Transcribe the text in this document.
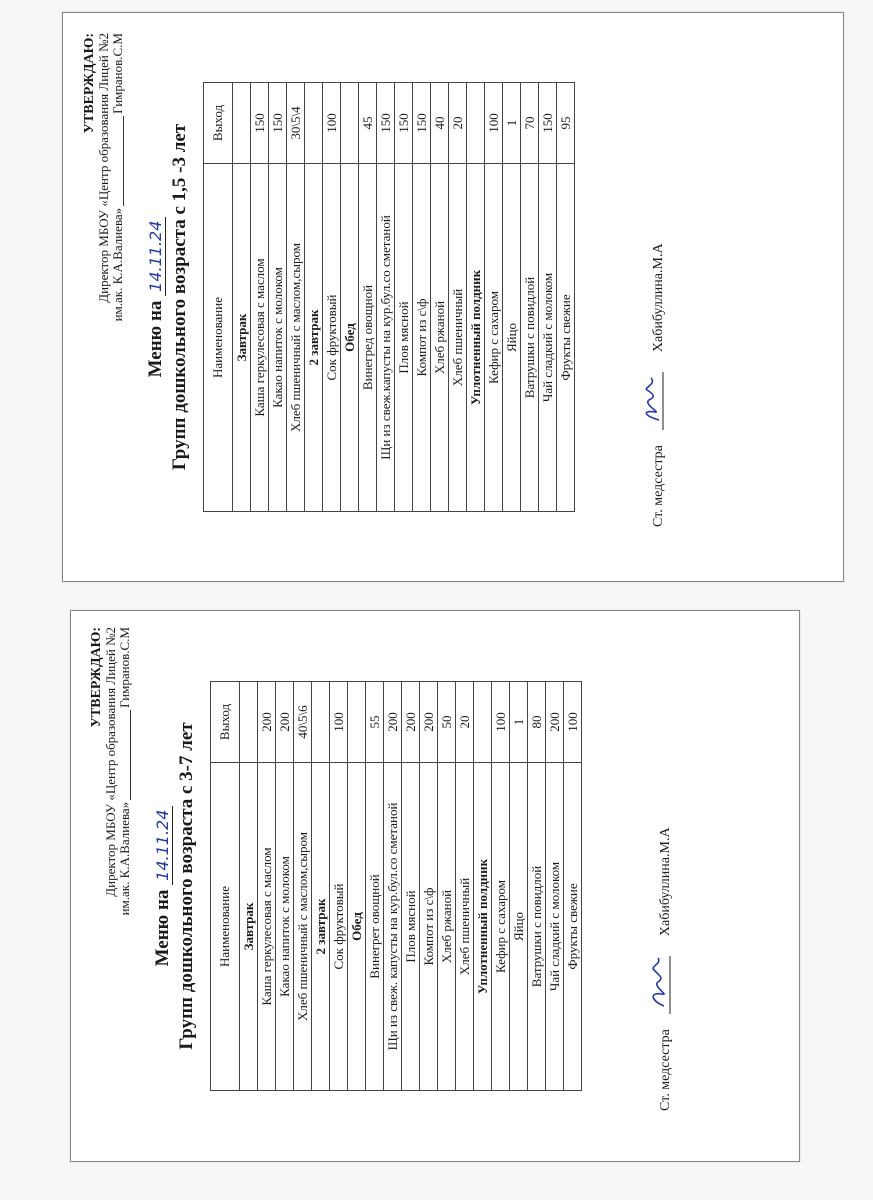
УТВЕРЖДАЮ: Директор МБОУ «Центр образования Лицей №2 им.ак. К.А.Валиева»Гимранов.С.М
Меню на 14.11.24 Групп дошкольного возраста с 1,5 -3 лет Наименование	Выход
Завтрак	
Каша геркулесовая с маслом	150
Какао напиток с молоком	150
Хлеб пшеничный с маслом,сыром	30\5\4
2 завтрак	
Сок фруктовый	100
Обед	
Винегред овощной	45
Щи из свеж.капусты на кур.бул.со сметаной	150
Плов мясной	150
Компот из с\ф	150
Хлеб ржаной	40
Хлеб пшеничный	20
Уплотненный полдник	
Кефир с сахаром	100
Яйцо	1
Ватрушки с повидлой	70
Чай сладкий с молоком	150
Фрукты свежие	95
Ст. медсестра
Хабибуллина.М.А
УТВЕРЖДАЮ: Директор МБОУ «Центр образования Лицей №2 им.ак. К.А.Валиева»Гимранов.С.М
Меню на 14.11.24 Групп дошкольного возраста с 3-7 лет Наименование	Выход
Завтрак	
Каша геркулесовая с маслом	200
Какао напиток с молоком	200
Хлеб пшеничный с маслом,сыром	40\5\6
2 завтрак	
Сок фруктовый	100
Обед	
Винегрет овощной	55
Щи из свеж. капусты на кур.бул.со сметаной	200
Плов мясной	200
Компот из с\ф	200
Хлеб ржаной	50
Хлеб пшеничный	20
Уплотненный полдник	
Кефир с сахаром	100
Яйцо	1
Ватрушки с повидлой	80
Чай сладкий с молоком	200
Фрукты свежие	100
Ст. медсестра
Хабибуллина.М.А
